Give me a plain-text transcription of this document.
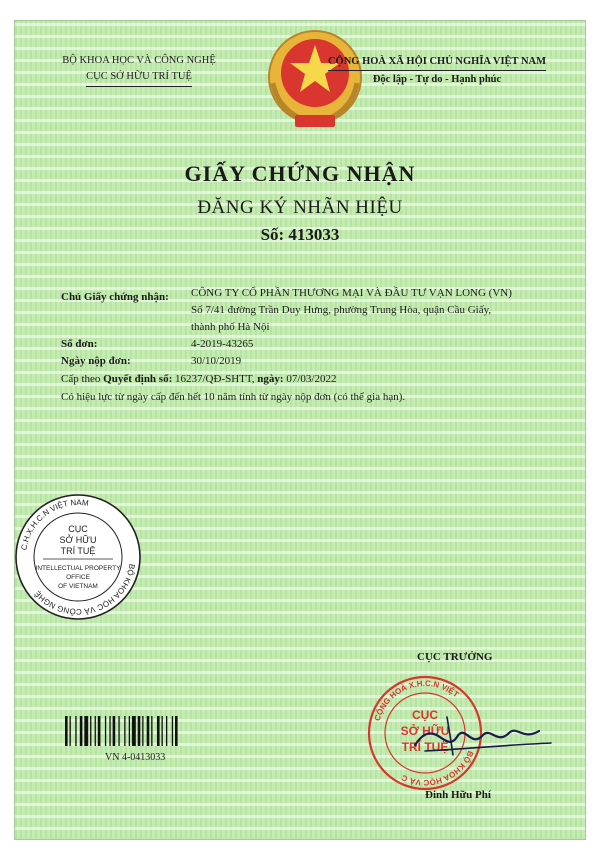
BỘ KHOA HỌC VÀ CÔNG NGHỆ
CỤC SỞ HỮU TRÍ TUỆ
CỘNG HOÀ XÃ HỘI CHỦ NGHĨA VIỆT NAM
Độc lập - Tự do - Hạnh phúc
GIẤY CHỨNG NHẬN
ĐĂNG KÝ NHÃN HIỆU
Số: 413033
Chủ Giấy chứng nhận: CÔNG TY CỔ PHẦN THƯƠNG MẠI VÀ ĐẦU TƯ VẠN LONG (VN)
Số 7/41 đường Trần Duy Hưng, phường Trung Hòa, quận Cầu Giấy,
thành phố Hà Nội
Số đơn:	4-2019-43265
Ngày nộp đơn:	30/10/2019
Cấp theo Quyết định số: 16237/QĐ-SHTT, ngày: 07/03/2022
Có hiệu lực từ ngày cấp đến hết 10 năm tính từ ngày nộp đơn (có thể gia hạn).
C.H.X.H.C.N VIỆT NAM
BỘ KHOA HỌC VÀ CÔNG NGHỆ
CỤC
SỞ HỮU
TRÍ TUỆ
INTELLECTUAL PROPERTY
OFFICE
OF VIETNAM
CỤC TRƯỞNG
CỘNG HOÀ X.H.C.N VIỆT
BỘ KHOA HỌC VÀ C
CỤC
SỞ HỮU
TRÍ TUỆ
Đinh Hữu Phí
VN 4-0413033
